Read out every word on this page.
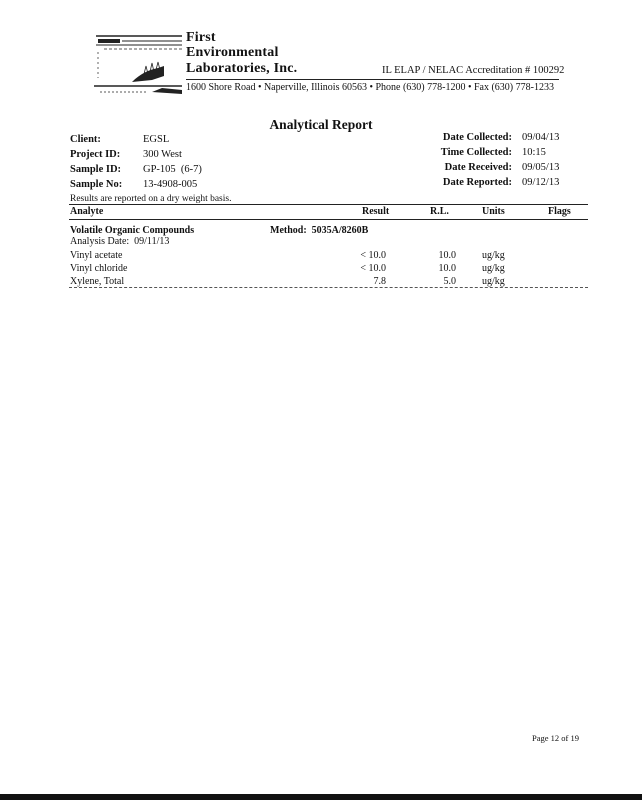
First
Environmental
Laboratories, Inc.	IL ELAP / NELAC Accreditation # 100292
1600 Shore Road • Naperville, Illinois 60563 • Phone (630) 778-1200 • Fax (630) 778-1233
Analytical Report
Client:	EGSL
Project ID: 300 West
Sample ID: GP-105  (6-7)
Sample No: 13-4908-005
Date Collected: 09/04/13
Time Collected: 10:15
Date Received: 09/05/13
Date Reported: 09/12/13
Results are reported on a dry weight basis.
Analyte	Result	R.L.	Units	Flags
Volatile Organic Compounds	Method:  5035A/8260B
Analysis Date:  09/11/13
Vinyl acetate	< 10.0	10.0	ug/kg
Vinyl chloride	< 10.0	10.0	ug/kg
Xylene, Total	7.8	5.0	ug/kg
Page 12 of 19
